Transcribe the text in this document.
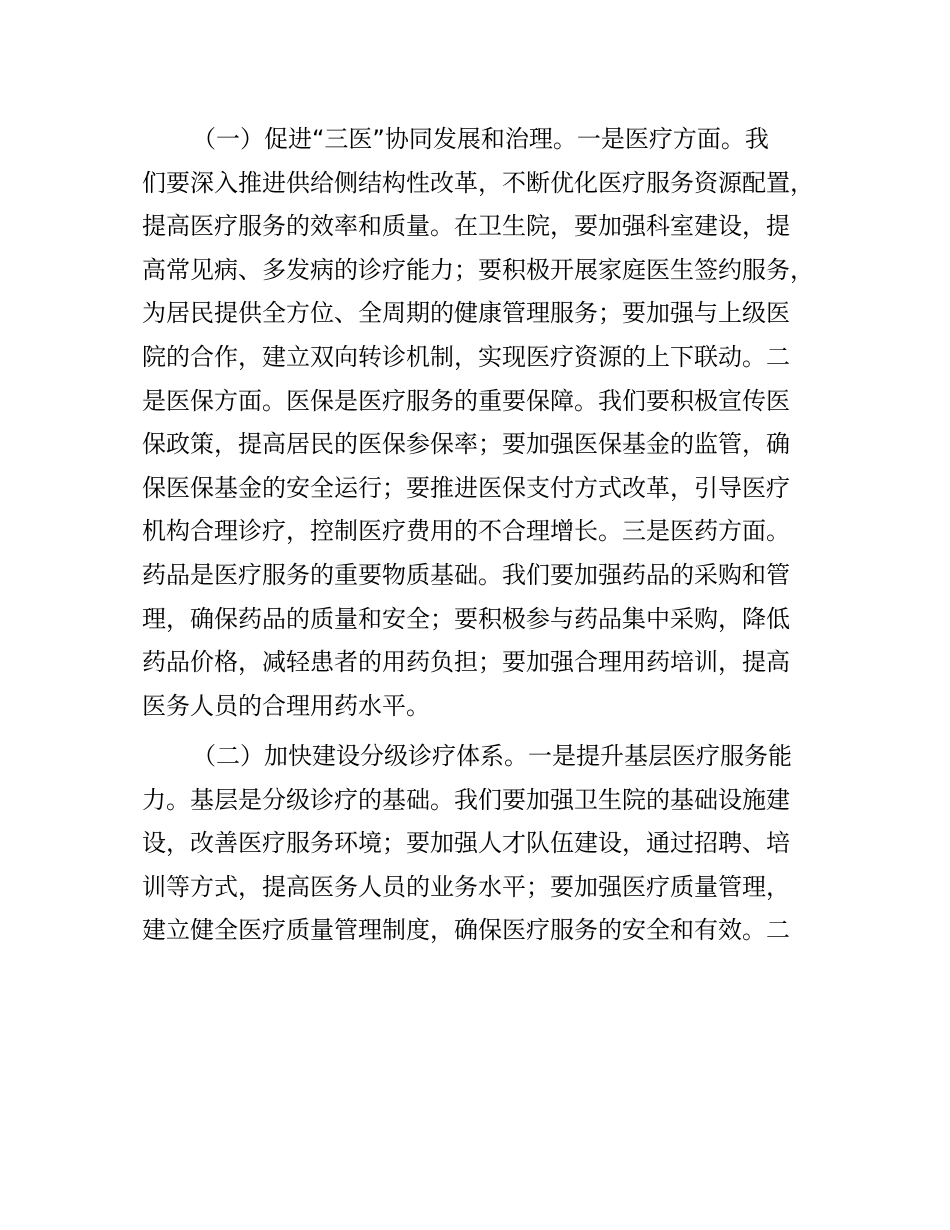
（一）促进“三医”协同发展和治理。一是医疗方面。我
们要深入推进供给侧结构性改革，不断优化医疗服务资源配置，
提高医疗服务的效率和质量。在卫生院，要加强科室建设，提
高常见病、多发病的诊疗能力；要积极开展家庭医生签约服务，
为居民提供全方位、全周期的健康管理服务；要加强与上级医
院的合作，建立双向转诊机制，实现医疗资源的上下联动。二
是医保方面。医保是医疗服务的重要保障。我们要积极宣传医
保政策，提高居民的医保参保率；要加强医保基金的监管，确
保医保基金的安全运行；要推进医保支付方式改革，引导医疗
机构合理诊疗，控制医疗费用的不合理增长。三是医药方面。
药品是医疗服务的重要物质基础。我们要加强药品的采购和管
理，确保药品的质量和安全；要积极参与药品集中采购，降低
药品价格，减轻患者的用药负担；要加强合理用药培训，提高
医务人员的合理用药水平。
（二）加快建设分级诊疗体系。一是提升基层医疗服务能
力。基层是分级诊疗的基础。我们要加强卫生院的基础设施建
设，改善医疗服务环境；要加强人才队伍建设，通过招聘、培
训等方式，提高医务人员的业务水平；要加强医疗质量管理，
建立健全医疗质量管理制度，确保医疗服务的安全和有效。二
